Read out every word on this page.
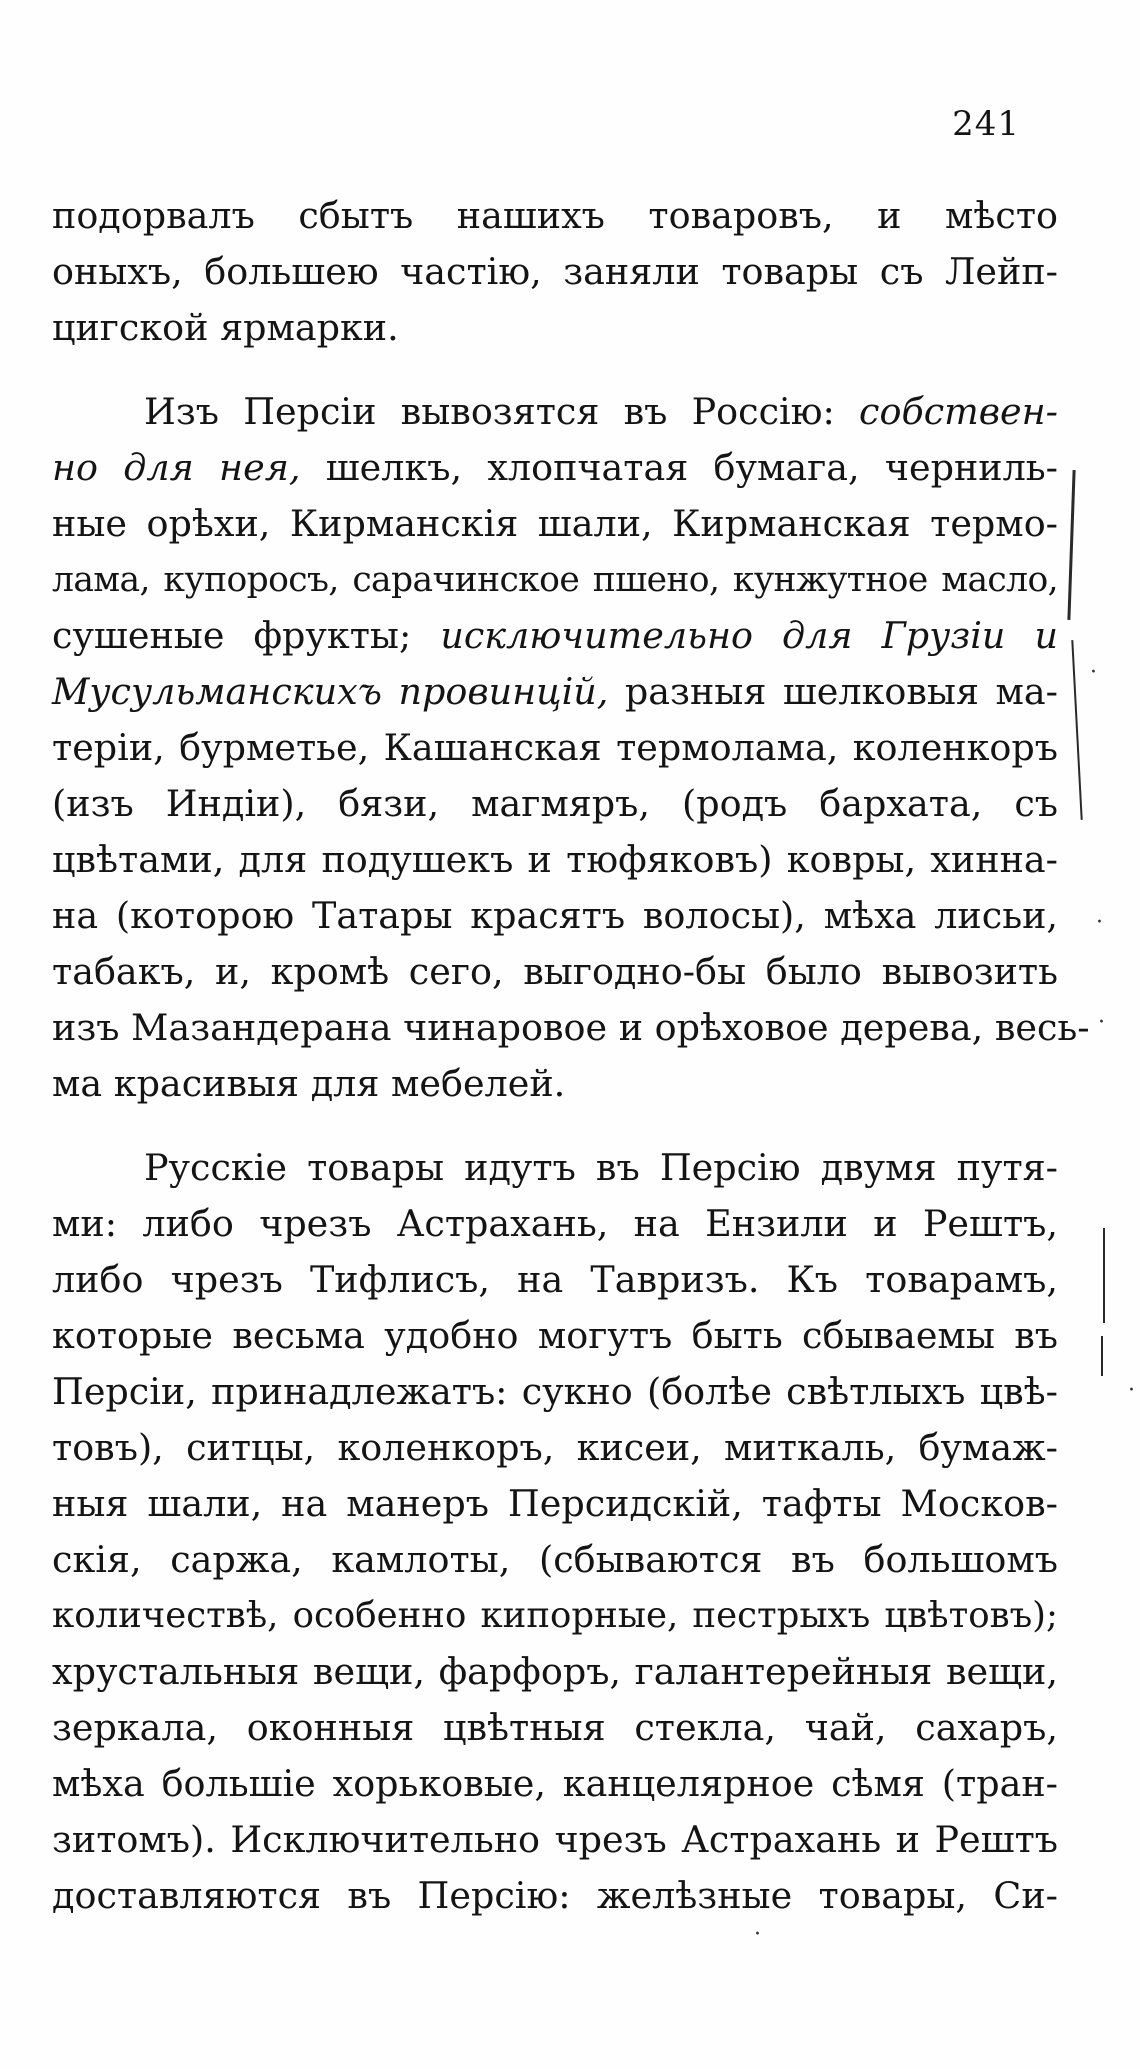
241
подорвалъ сбытъ нашихъ товаровъ, и мѣсто
оныхъ, большею частію, заняли товары съ Лейп-
цигской ярмарки.
Изъ Персіи вывозятся въ Россію: собствен-
но для нея, шелкъ, хлопчатая бумага, черниль-
ные орѣхи, Кирманскія шали, Кирманская термо-
лама, купоросъ, сарачинское пшено, кунжутное масло,
сушеные фрукты; исключительно для Грузіи и
Мусульманскихъ провинцій, разныя шелковыя ма-
теріи, бурметье, Кашанская термолама, коленкоръ
(изъ Индіи), бязи, магмяръ, (родъ бархата, съ
цвѣтами, для подушекъ и тюфяковъ) ковры, хинна-
на (которою Татары красятъ волосы), мѣха лисьи,
табакъ, и, кромѣ сего, выгодно-бы было вывозить
изъ Мазандерана чинаровое и орѣховое дерева, весь-
ма красивыя для мебелей.
Русскіе товары идутъ въ Персію двумя путя-
ми: либо чрезъ Астрахань, на Ензили и Рештъ,
либо чрезъ Тифлисъ, на Тавризъ. Къ товарамъ,
которые весьма удобно могутъ быть сбываемы въ
Персіи, принадлежатъ: сукно (болѣе свѣтлыхъ цвѣ-
товъ), ситцы, коленкоръ, кисеи, миткаль, бумаж-
ныя шали, на манеръ Персидскій, тафты Москов-
скія, саржа, камлоты, (сбываются въ большомъ
количествѣ, особенно кипорные, пестрыхъ цвѣтовъ);
хрустальныя вещи, фарфоръ, галантерейныя вещи,
зеркала, оконныя цвѣтныя стекла, чай, сахаръ,
мѣха большіе хорьковые, канцелярное сѣмя (тран-
зитомъ). Исключительно чрезъ Астрахань и Рештъ
доставляются въ Персію: желѣзные товары, Си-
·
·
·
·
·
